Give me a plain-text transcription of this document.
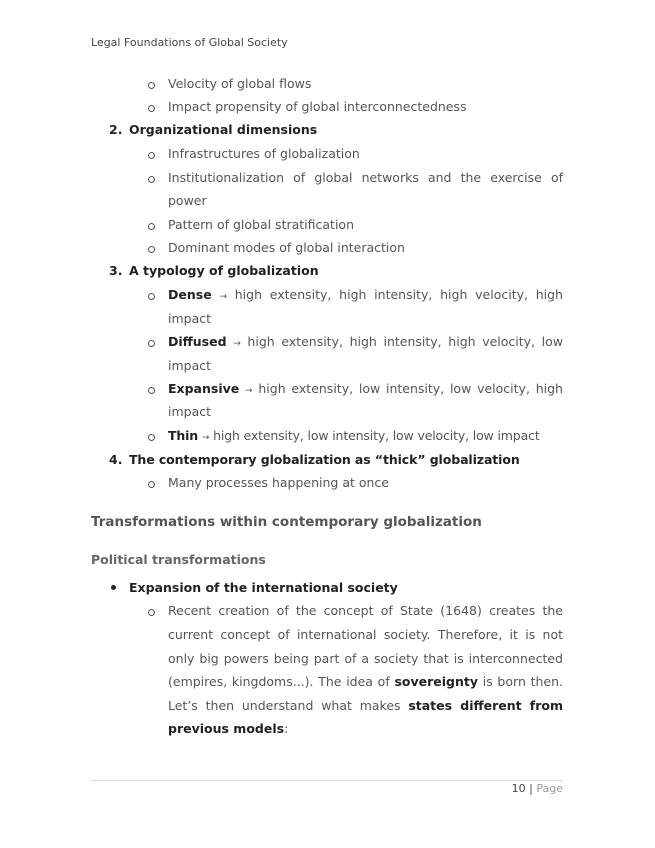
Legal Foundations of Global Society
Velocity of global flows
Impact propensity of global interconnectedness
2. Organizational dimensions
Infrastructures of globalization
Institutionalization of global networks and the exercise of
power
Pattern of global stratification
Dominant modes of global interaction
3. A typology of globalization
Dense → high extensity, high intensity, high velocity, high
impact
Diffused → high extensity, high intensity, high velocity, low
impact
Expansive → high extensity, low intensity, low velocity, high
impact
Thin → high extensity, low intensity, low velocity, low impact
4. The contemporary globalization as “thick” globalization
Many processes happening at once
Transformations within contemporary globalization
Political transformations
Expansion of the international society
Recent creation of the concept of State (1648) creates the
current concept of international society. Therefore, it is not
only big powers being part of a society that is interconnected
(empires, kingdoms...). The idea of sovereignty is born then.
Let’s then understand what makes states different from
previous models:
10 | Page
